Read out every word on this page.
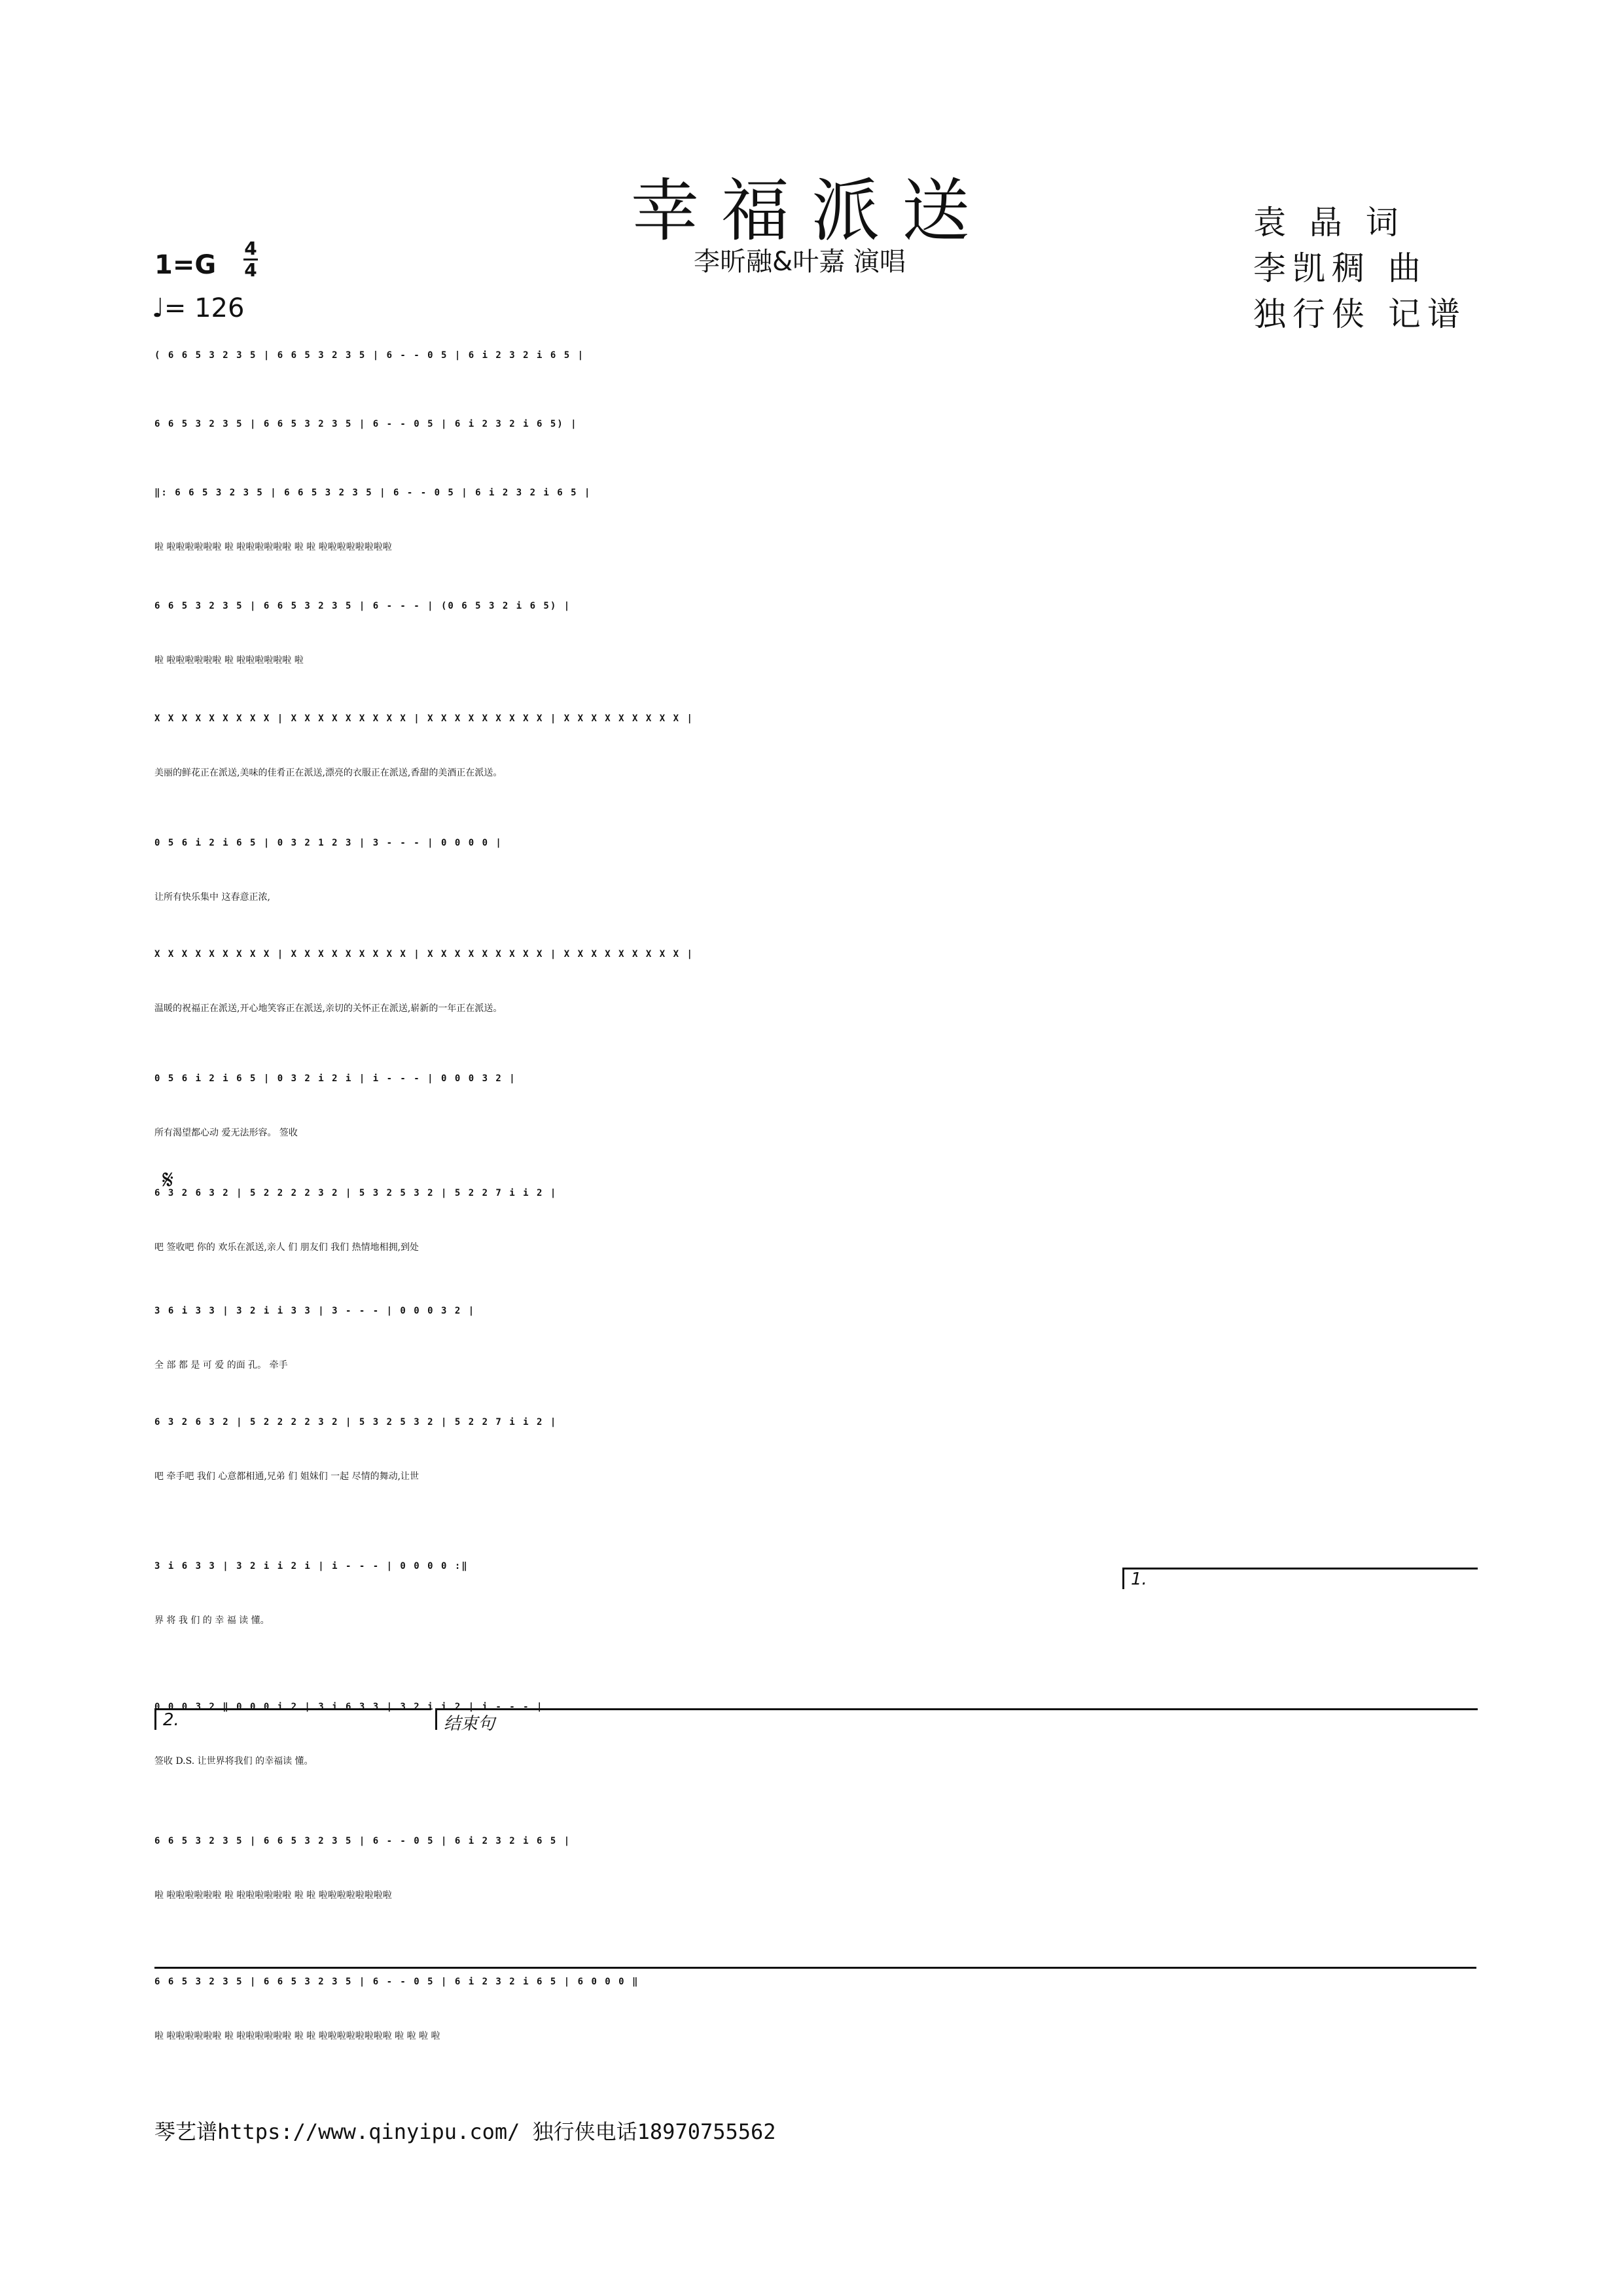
幸福派送
李昕融&叶嘉 演唱
袁 晶 词
李凯稠 曲
独行侠 记谱
1=G
4
4
♩= 126
( 6 6 5 3 2 3 5 | 6 6 5 3 2 3 5 | 6 - - 0 5 | 6 i 2 3 2 i 6 5 |
6 6 5 3 2 3 5 | 6 6 5 3 2 3 5 | 6 - - 0 5 | 6 i 2 3 2 i 6 5) |
‖: 6 6 5 3 2 3 5 | 6 6 5 3 2 3 5 | 6 - - 0 5 | 6 i 2 3 2 i 6 5 |
啦 啦啦啦啦啦啦 啦 啦啦啦啦啦啦 啦 啦 啦啦啦啦啦啦啦啦
6 6 5 3 2 3 5 | 6 6 5 3 2 3 5 | 6 - - - | (0 6 5 3 2 i 6 5) |
啦 啦啦啦啦啦啦 啦 啦啦啦啦啦啦 啦
X X X X X X X X X | X X X X X X X X X | X X X X X X X X X | X X X X X X X X X |
美丽的鲜花正在派送,美味的佳肴正在派送,漂亮的衣服正在派送,香甜的美酒正在派送。
0 5 6 i 2 i 6 5 | 0 3 2 1 2 3 | 3 - - - | 0 0 0 0 |
让所有快乐集中 这春意正浓,
X X X X X X X X X | X X X X X X X X X | X X X X X X X X X | X X X X X X X X X |
温暖的祝福正在派送,开心地笑容正在派送,亲切的关怀正在派送,崭新的一年正在派送。
0 5 6 i 2 i 6 5 | 0 3 2 i 2 i | i - - - | 0 0 0 3 2 |
所有渴望都心动 爱无法形容。 签收
6 3 2 6 3 2 | 5 2 2 2 2 3 2 | 5 3 2 5 3 2 | 5 2 2 7 i i 2 |
吧 签收吧 你的 欢乐在派送,亲人 们 朋友们 我们 热情地相拥,到处
3 6 i 3 3 | 3 2 i i 3 3 | 3 - - - | 0 0 0 3 2 |
全 部 都 是 可 爱 的面 孔。 牵手
6 3 2 6 3 2 | 5 2 2 2 2 3 2 | 5 3 2 5 3 2 | 5 2 2 7 i i 2 |
吧 牵手吧 我们 心意都相通,兄弟 们 姐妹们 一起 尽情的舞动,让世
3 i 6 3 3 | 3 2 i i 2 i | i - - - | 0 0 0 0 :‖
界 将 我 们 的 幸 福 读 懂。
0 0 0 3 2 ‖ 0 0 0 i 2 | 3 i 6 3 3 | 3 2 i i 2 | i - - - |
签收 D.S. 让世界将我们 的幸福读 懂。
6 6 5 3 2 3 5 | 6 6 5 3 2 3 5 | 6 - - 0 5 | 6 i 2 3 2 i 6 5 |
啦 啦啦啦啦啦啦 啦 啦啦啦啦啦啦 啦 啦 啦啦啦啦啦啦啦啦
6 6 5 3 2 3 5 | 6 6 5 3 2 3 5 | 6 - - 0 5 | 6 i 2 3 2 i 6 5 | 6 0 0 0 ‖
啦 啦啦啦啦啦啦 啦 啦啦啦啦啦啦 啦 啦 啦啦啦啦啦啦啦啦 啦 啦 啦 啦
𝄋
1.
2.	结束句
琴艺谱https://www.qinyipu.com/ 独行侠电话18970755562
